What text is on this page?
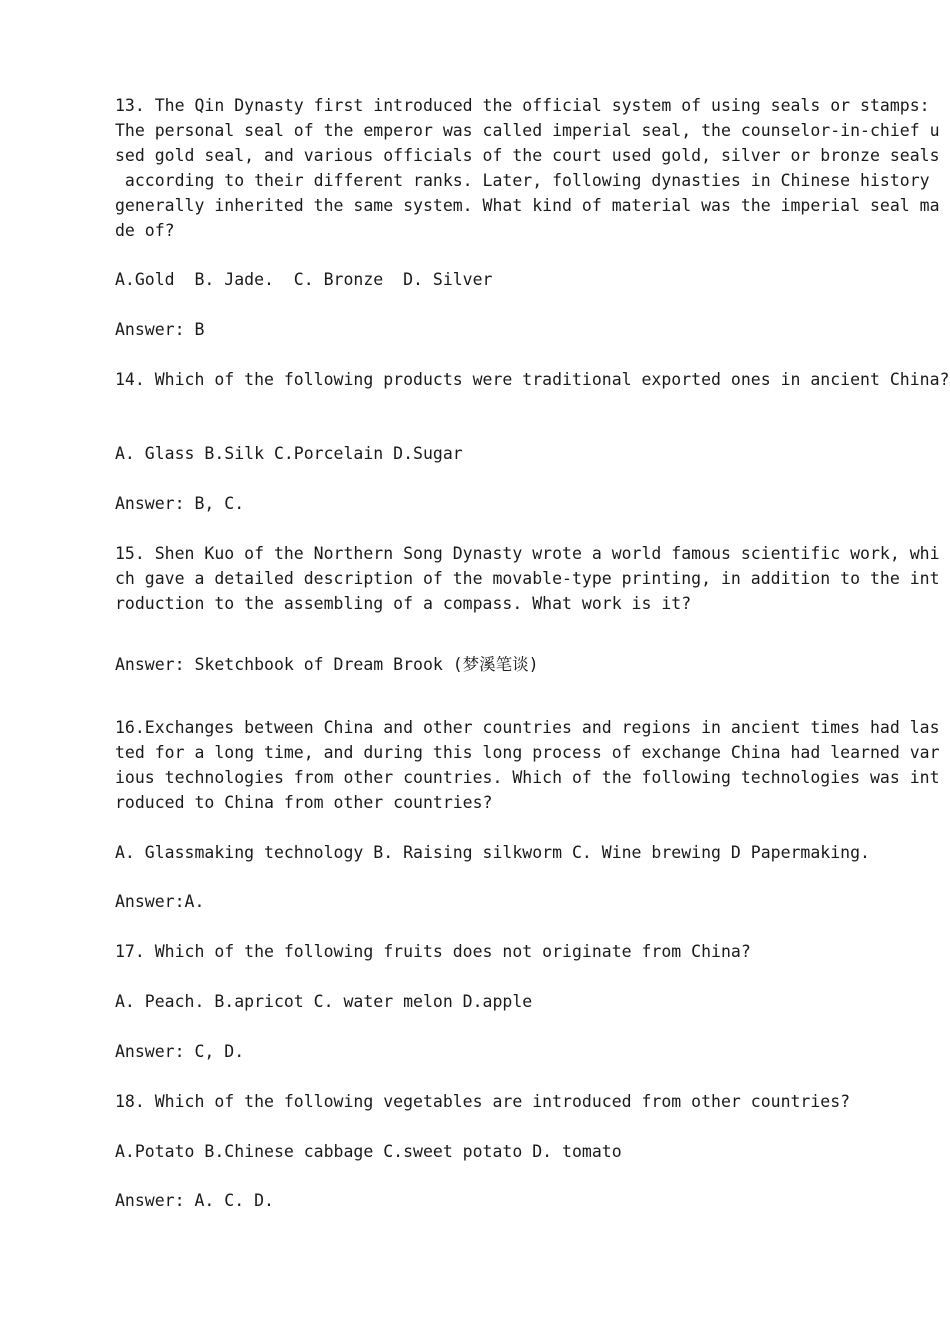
13. The Qin Dynasty first introduced the official system of using seals or stamps:

The personal seal of the emperor was called imperial seal, the counselor-in-chief u

sed gold seal, and various officials of the court used gold, silver or bronze seals

according to their different ranks. Later, following dynasties in Chinese history

generally inherited the same system. What kind of material was the imperial seal ma

de of?

A.Gold  B. Jade.  C. Bronze  D. Silver

Answer: B

14. Which of the following products were traditional exported ones in ancient China?

A. Glass B.Silk C.Porcelain D.Sugar

Answer: B, C.

15. Shen Kuo of the Northern Song Dynasty wrote a world famous scientific work, whi

ch gave a detailed description of the movable-type printing, in addition to the int

roduction to the assembling of a compass. What work is it?

Answer: Sketchbook of Dream Brook (梦溪笔谈)

16.Exchanges between China and other countries and regions in ancient times had las

ted for a long time, and during this long process of exchange China had learned var

ious technologies from other countries. Which of the following technologies was int

roduced to China from other countries?

A. Glassmaking technology B. Raising silkworm C. Wine brewing D Papermaking.

Answer:A.

17. Which of the following fruits does not originate from China?

A. Peach. B.apricot C. water melon D.apple

Answer: C, D.

18. Which of the following vegetables are introduced from other countries?

A.Potato B.Chinese cabbage C.sweet potato D. tomato

Answer: A. C. D.
